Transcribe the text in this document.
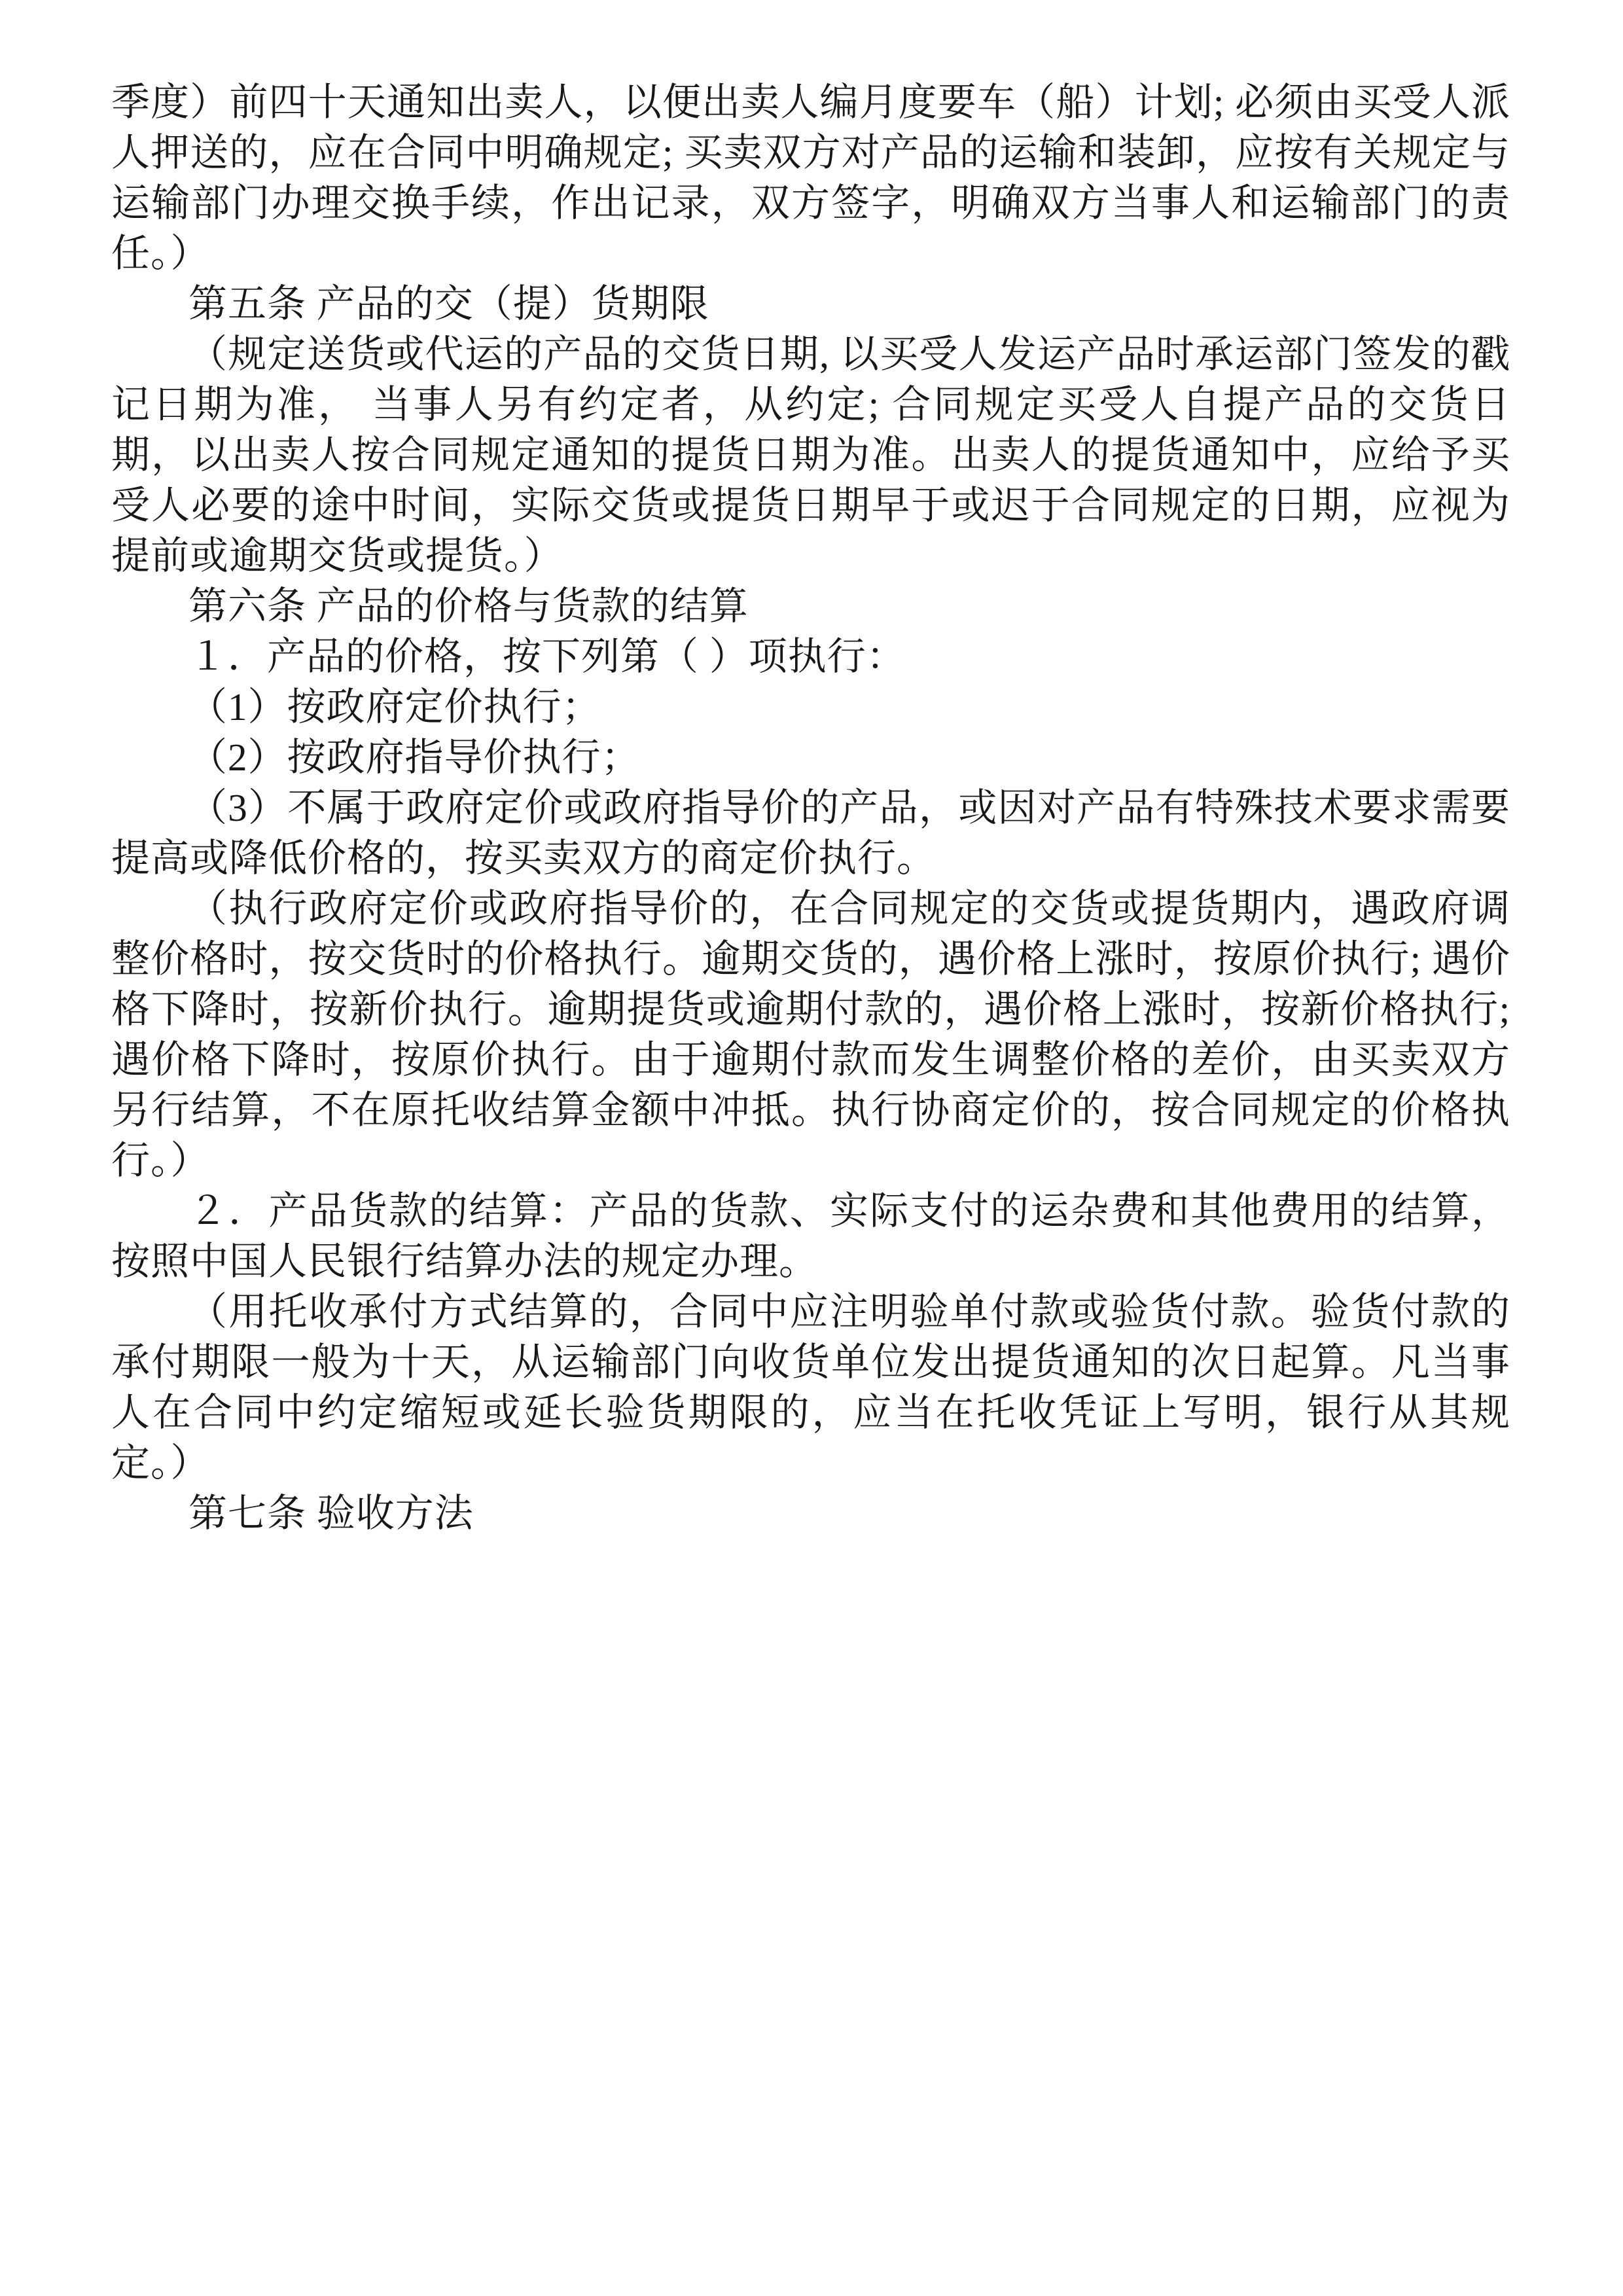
季度）前四十天通知出卖人，以便出卖人编月度要车（船）计划; 必须由买受人派人押送的，应在合同中明确规定; 买卖双方对产品的运输和装卸，应按有关规定与运输部门办理交换手续，作出记录，双方签字，明确双方当事人和运输部门的责任。）

第五条 产品的交（提）货期限

（规定送货或代运的产品的交货日期, 以买受人发运产品时承运部门签发的戳记日期为准， 当事人另有约定者，从约定; 合同规定买受人自提产品的交货日期，以出卖人按合同规定通知的提货日期为准。出卖人的提货通知中，应给予买受人必要的途中时间，实际交货或提货日期早于或迟于合同规定的日期，应视为提前或逾期交货或提货。）

第六条 产品的价格与货款的结算

１．产品的价格，按下列第（ ）项执行：

（1）按政府定价执行；

（2）按政府指导价执行；

（3）不属于政府定价或政府指导价的产品，或因对产品有特殊技术要求需要提高或降低价格的，按买卖双方的商定价执行。

（执行政府定价或政府指导价的，在合同规定的交货或提货期内，遇政府调整价格时，按交货时的价格执行。逾期交货的，遇价格上涨时，按原价执行; 遇价格下降时，按新价执行。逾期提货或逾期付款的，遇价格上涨时，按新价格执行; 遇价格下降时，按原价执行。由于逾期付款而发生调整价格的差价，由买卖双方另行结算，不在原托收结算金额中冲抵。执行协商定价的，按合同规定的价格执行。）

２．产品货款的结算：产品的货款、实际支付的运杂费和其他费用的结算，按照中国人民银行结算办法的规定办理。

（用托收承付方式结算的，合同中应注明验单付款或验货付款。验货付款的承付期限一般为十天，从运输部门向收货单位发出提货通知的次日起算。凡当事人在合同中约定缩短或延长验货期限的，应当在托收凭证上写明，银行从其规定。）

第七条 验收方法
